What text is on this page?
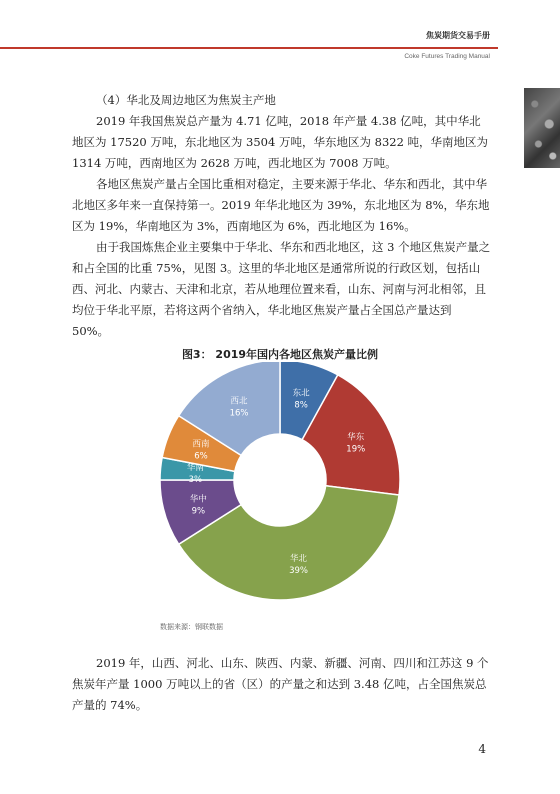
焦炭期货交易手册
Coke Futures Trading Manual

（4）华北及周边地区为焦炭主产地

2019 年我国焦炭总产量为 4.71 亿吨，2018 年产量 4.38 亿吨，其中华北地区为 17520 万吨，东北地区为 3504 万吨，华东地区为 8322 吨，华南地区为 1314 万吨，西南地区为 2628 万吨，西北地区为 7008 万吨。

各地区焦炭产量占全国比重相对稳定，主要来源于华北、华东和西北，其中华北地区多年来一直保持第一。2019 年华北地区为 39%，东北地区为 8%，华东地区为 19%，华南地区为 3%，西南地区为 6%，西北地区为 16%。

由于我国炼焦企业主要集中于华北、华东和西北地区，这 3 个地区焦炭产量之和占全国的比重 75%，见图 3。这里的华北地区是通常所说的行政区划，包括山西、河北、内蒙古、天津和北京，若从地理位置来看，山东、河南与河北相邻，且均位于华北平原，若将这两个省纳入，华北地区焦炭产量占全国总产量达到 50%。

图3： 2019年国内各地区焦炭产量比例
东北
8%
华东
19%
华北
39%
华中
9%
华南
3%
西南
6%
西北
16%
数据来源：钢联数据

2019 年，山西、河北、山东、陕西、内蒙、新疆、河南、四川和江苏这 9 个焦炭年产量 1000 万吨以上的省（区）的产量之和达到 3.48 亿吨，占全国焦炭总产量的 74%。

4
